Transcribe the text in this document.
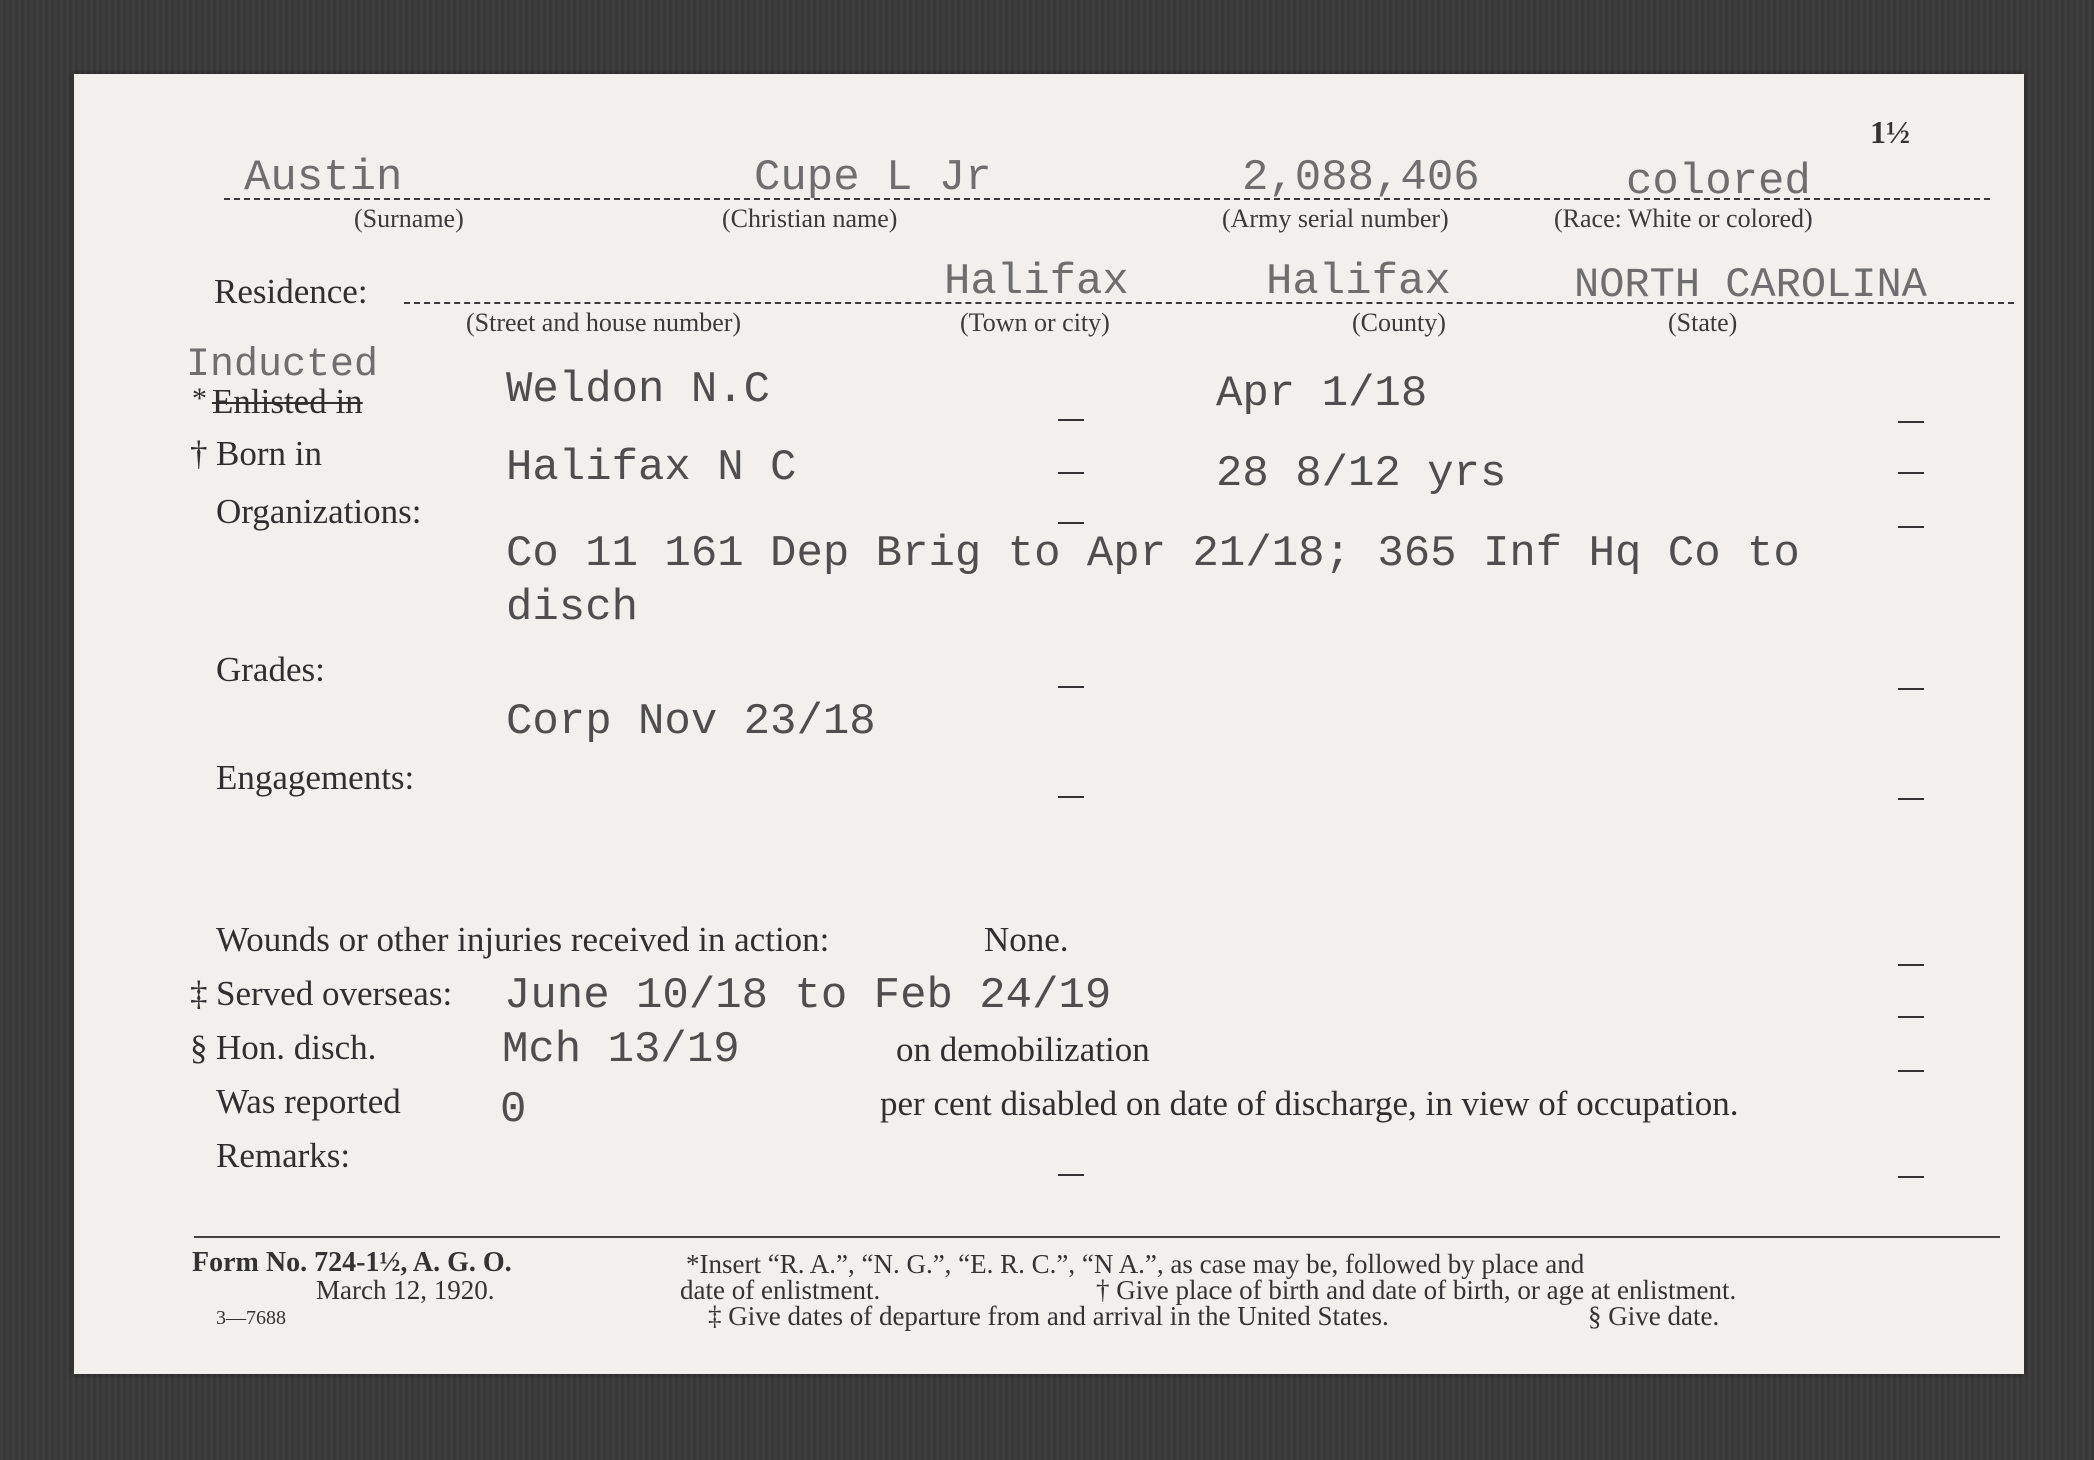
1½
Austin	Cupe L Jr	2,088,406	colored
(Surname)	(Christian name)	(Army serial number)	(Race: White or colored)
Residence:	Halifax	Halifax	NORTH CAROLINA
(Street and house number)	(Town or city)	(County)	(State)
Inducted
* Enlisted in	Weldon N.C	Apr 1/18
† Born in	Halifax N C	28 8/12 yrs
Organizations:
Co 11 161 Dep Brig to Apr 21/18; 365 Inf Hq Co to
disch
Grades:
Corp Nov 23/18
Engagements:
Wounds or other injuries received in action:	None.
‡ Served overseas: June 10/18 to Feb 24/19
§ Hon. disch.	Mch 13/19	on demobilization
Was reported 0	per cent disabled on date of discharge, in view of occupation.
Remarks:
Form No. 724-1½, A. G. O.
March 12, 1920.
3—7688
*Insert “R. A.”, “N. G.”, “E. R. C.”, “N A.”, as case may be, followed by place and
date of enlistment.	† Give place of birth and date of birth, or age at enlistment.
‡ Give dates of departure from and arrival in the United States.	§ Give date.
